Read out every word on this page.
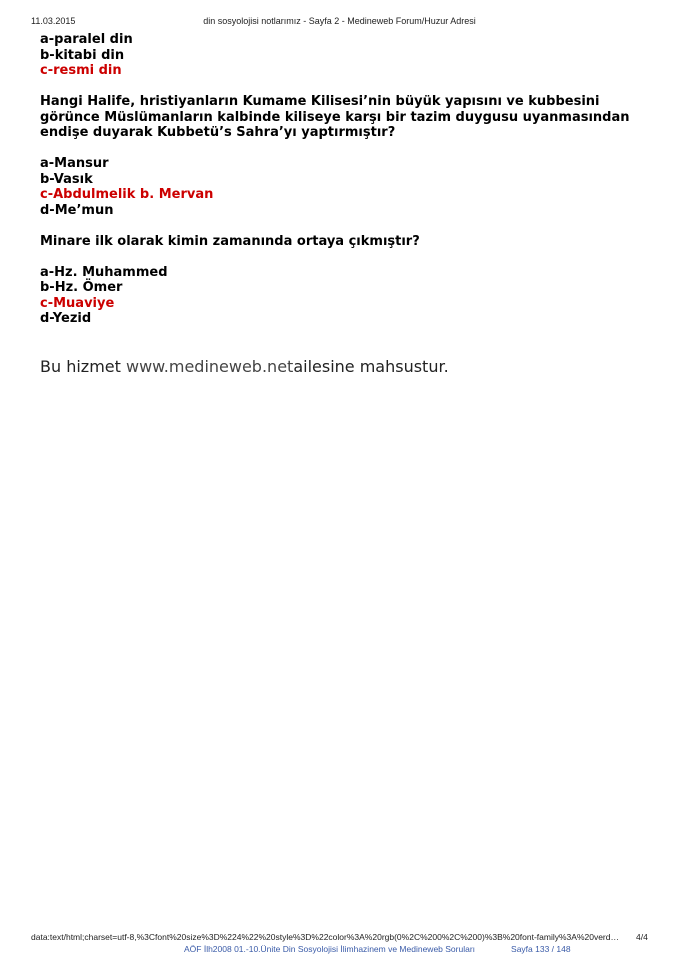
11.03.2015	din sosyolojisi notlarımız - Sayfa 2 - Medineweb Forum/Huzur Adresi
a-paralel din
b-kitabi din
c-resmi din
Hangi Halife, hristiyanların Kumame Kilisesi’nin büyük yapısını ve kubbesini görünce Müslümanların kalbinde kiliseye karşı bir tazim duygusu uyanmasından endişe duyarak Kubbetü’s Sahra’yı yaptırmıştır?
a-Mansur
b-Vasık
c-Abdulmelik b. Mervan
d-Me’mun
Minare ilk olarak kimin zamanında ortaya çıkmıştır?
a-Hz. Muhammed
b-Hz. Ömer
c-Muaviye
d-Yezid
Bu hizmet www.medineweb.netailesine mahsustur.
data:text/html;charset=utf-8,%3Cfont%20size%3D%224%22%20style%3D%22color%3A%20rgb(0%2C%200%2C%200)%3B%20font-family%3A%20verd…	4/4
AÖF İlh2008 01.-10.Ünite Din Sosyolojisi İlimhazinem ve Medineweb Soruları	Sayfa 133 / 148
